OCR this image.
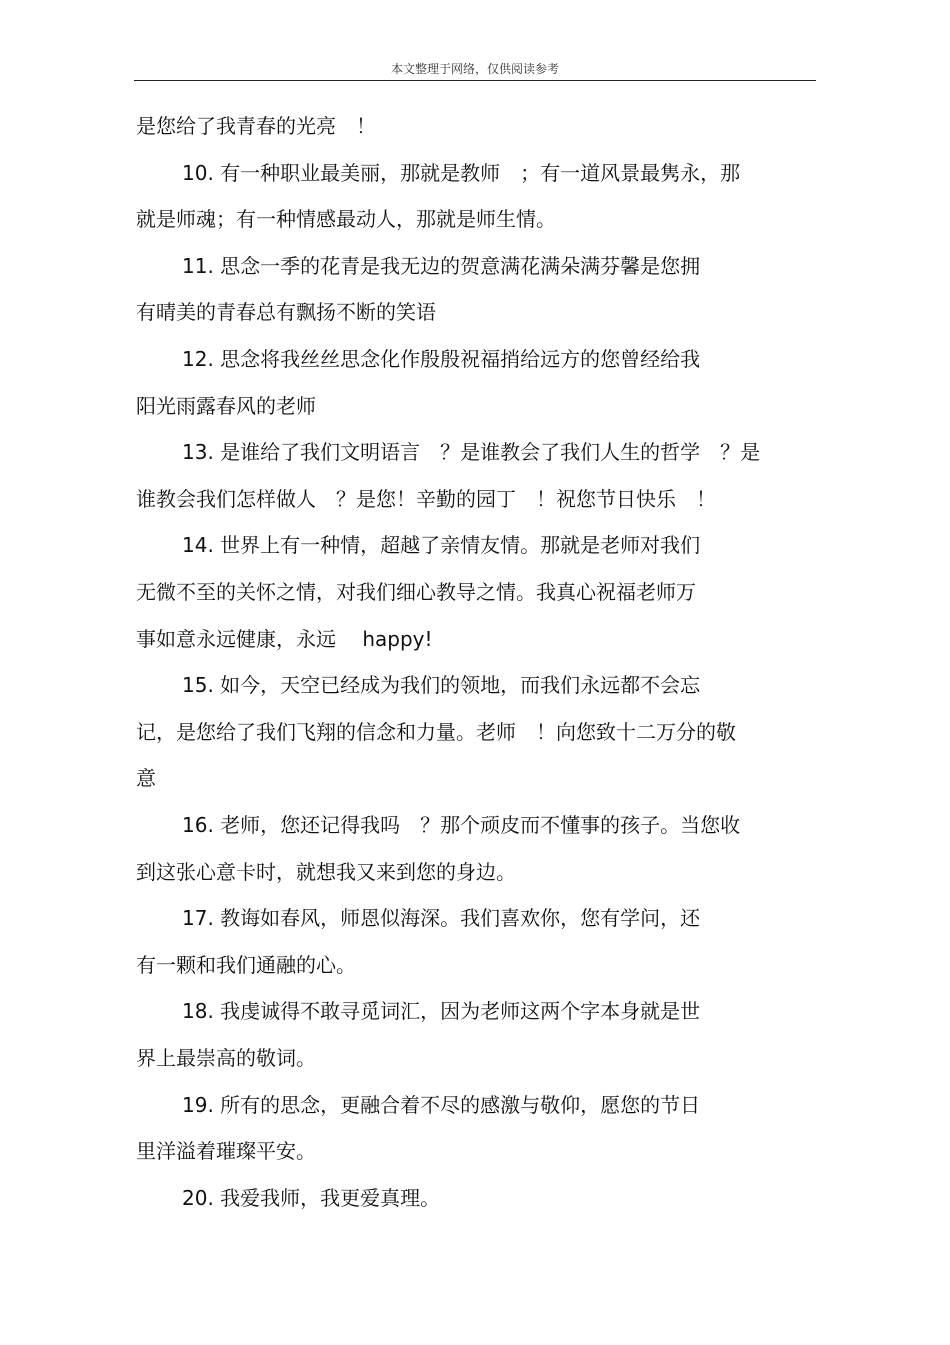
本文整理于网络，仅供阅读参考
是您给了我青春的光亮　！
10. 有一种职业最美丽，那就是教师　；有一道风景最隽永，那
就是师魂；有一种情感最动人，那就是师生情。
11. 思念一季的花青是我无边的贺意满花满朵满芬馨是您拥
有晴美的青春总有飘扬不断的笑语
12. 思念将我丝丝思念化作殷殷祝福捎给远方的您曾经给我
阳光雨露春风的老师
13. 是谁给了我们文明语言　？是谁教会了我们人生的哲学　？是
谁教会我们怎样做人　？是您！辛勤的园丁　！祝您节日快乐　！
14. 世界上有一种情，超越了亲情友情。那就是老师对我们
无微不至的关怀之情，对我们细心教导之情。我真心祝福老师万
事如意永远健康，永远　 happy!
15. 如今，天空已经成为我们的领地，而我们永远都不会忘
记，是您给了我们飞翔的信念和力量。老师　！向您致十二万分的敬
意
16. 老师，您还记得我吗　？那个顽皮而不懂事的孩子。当您收
到这张心意卡时，就想我又来到您的身边。
17. 教诲如春风，师恩似海深。我们喜欢你，您有学问，还
有一颗和我们通融的心。
18. 我虔诚得不敢寻觅词汇，因为老师这两个字本身就是世
界上最崇高的敬词。
19. 所有的思念，更融合着不尽的感激与敬仰，愿您的节日
里洋溢着璀璨平安。
20. 我爱我师，我更爱真理。
